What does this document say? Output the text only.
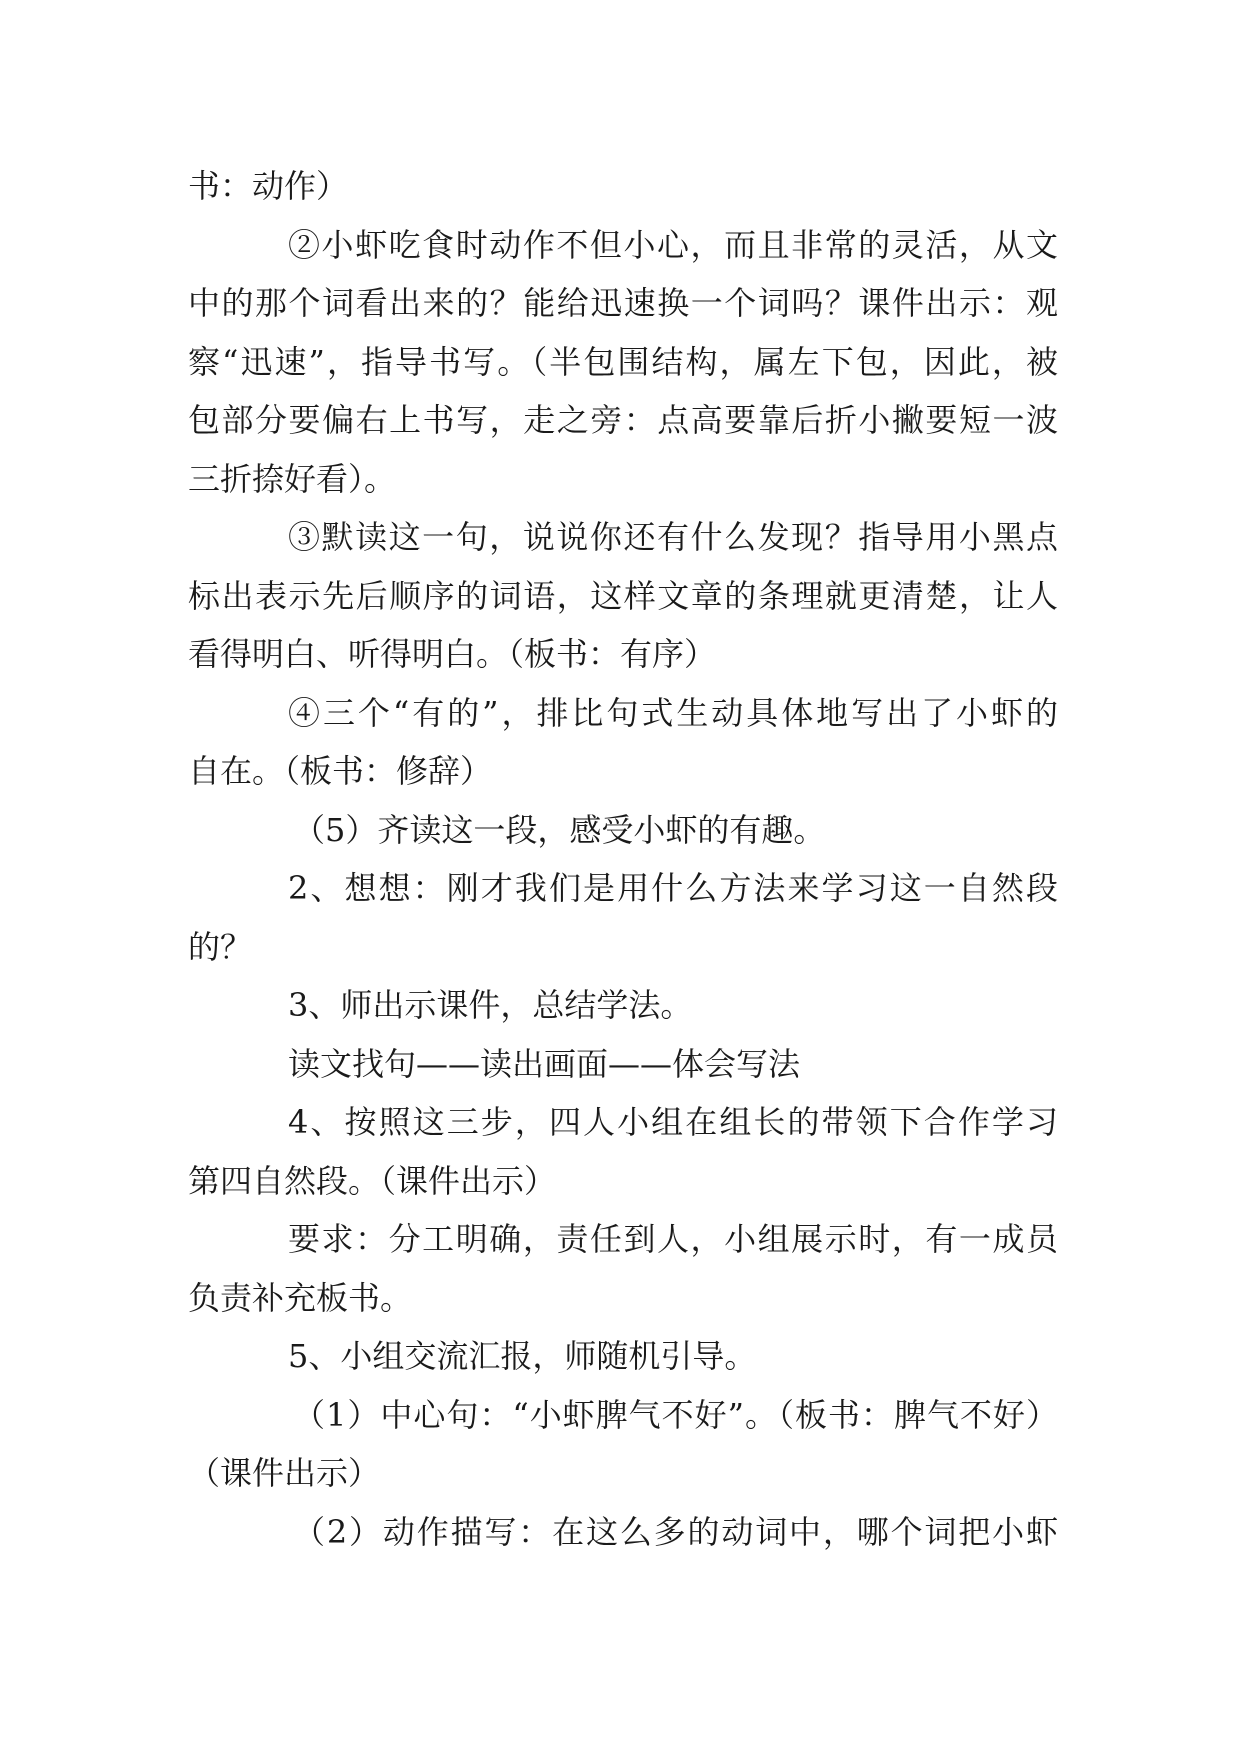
书：动作）
②小虾吃食时动作不但小心，而且非常的灵活，从文
中的那个词看出来的？能给迅速换一个词吗？课件出示：观
察“迅速”，指导书写。（半包围结构，属左下包，因此，被
包部分要偏右上书写，走之旁：点高要靠后折小撇要短一波
三折捺好看）。
③默读这一句，说说你还有什么发现？指导用小黑点
标出表示先后顺序的词语，这样文章的条理就更清楚，让人
看得明白、听得明白。（板书：有序）
④三个“有的”，排比句式生动具体地写出了小虾的
自在。（板书：修辞）
（5）齐读这一段，感受小虾的有趣。
2、想想：刚才我们是用什么方法来学习这一自然段
的？
3、师出示课件，总结学法。
读文找句——读出画面——体会写法
4、按照这三步，四人小组在组长的带领下合作学习
第四自然段。（课件出示）
要求：分工明确，责任到人，小组展示时，有一成员
负责补充板书。
5、小组交流汇报，师随机引导。
（1）中心句：“小虾脾气不好”。（板书：脾气不好）
（课件出示）
（2）动作描写：在这么多的动词中，哪个词把小虾
